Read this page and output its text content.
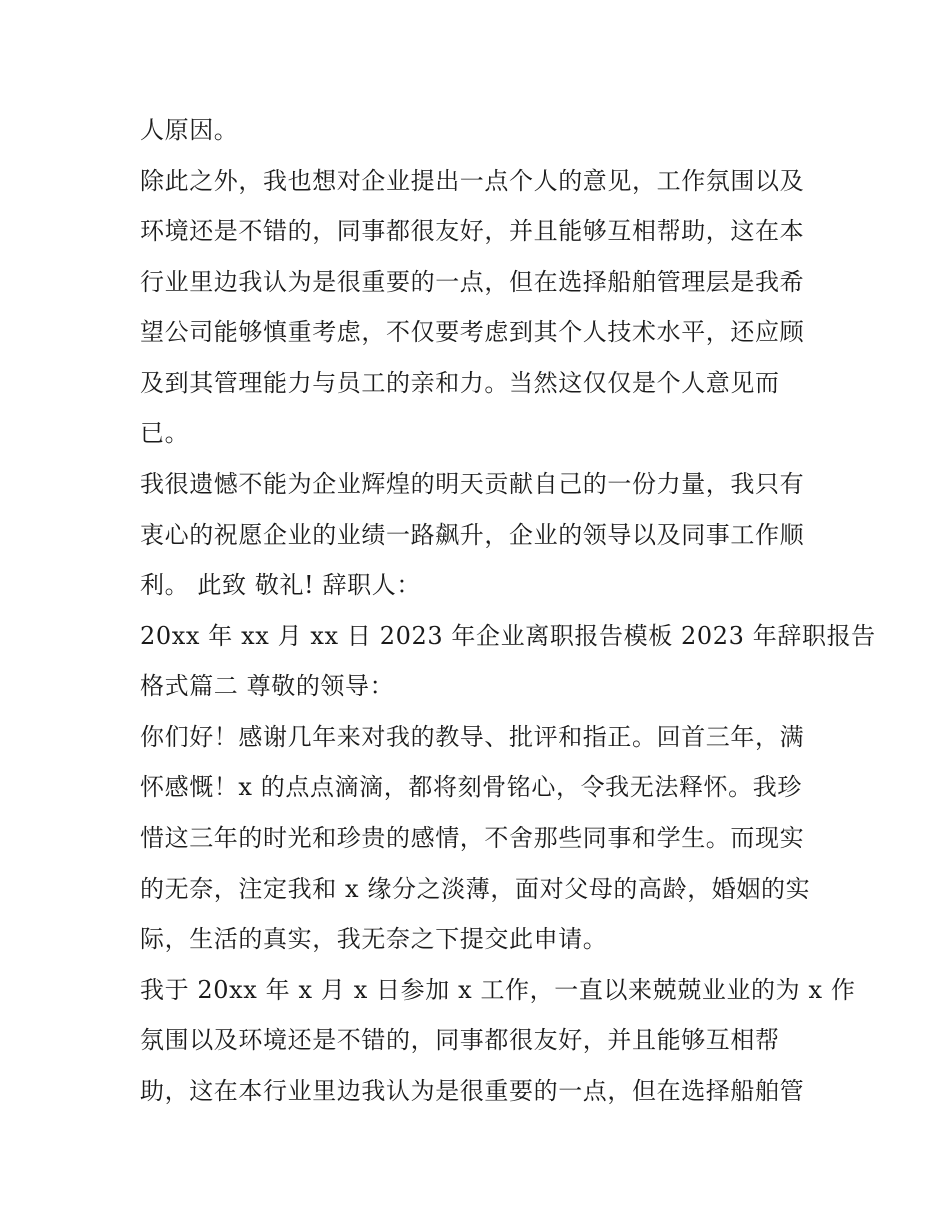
人原因。
除此之外，我也想对企业提出一点个人的意见，工作氛围以及
环境还是不错的，同事都很友好，并且能够互相帮助，这在本
行业里边我认为是很重要的一点，但在选择船舶管理层是我希
望公司能够慎重考虑，不仅要考虑到其个人技术水平，还应顾
及到其管理能力与员工的亲和力。当然这仅仅是个人意见而
已。
我很遗憾不能为企业辉煌的明天贡献自己的一份力量，我只有
衷心的祝愿企业的业绩一路飙升，企业的领导以及同事工作顺
利。 此致 敬礼! 辞职人：
20xx 年 xx 月 xx 日 2023 年企业离职报告模板 2023 年辞职报告
格式篇二 尊敬的领导：
你们好！感谢几年来对我的教导、批评和指正。回首三年，满
怀感慨！x 的点点滴滴，都将刻骨铭心，令我无法释怀。我珍
惜这三年的时光和珍贵的感情，不舍那些同事和学生。而现实
的无奈，注定我和 x 缘分之淡薄，面对父母的高龄，婚姻的实
际，生活的真实，我无奈之下提交此申请。
我于 20xx 年 x 月 x 日参加 x 工作，一直以来兢兢业业的为 x 作
氛围以及环境还是不错的，同事都很友好，并且能够互相帮
助，这在本行业里边我认为是很重要的一点，但在选择船舶管
